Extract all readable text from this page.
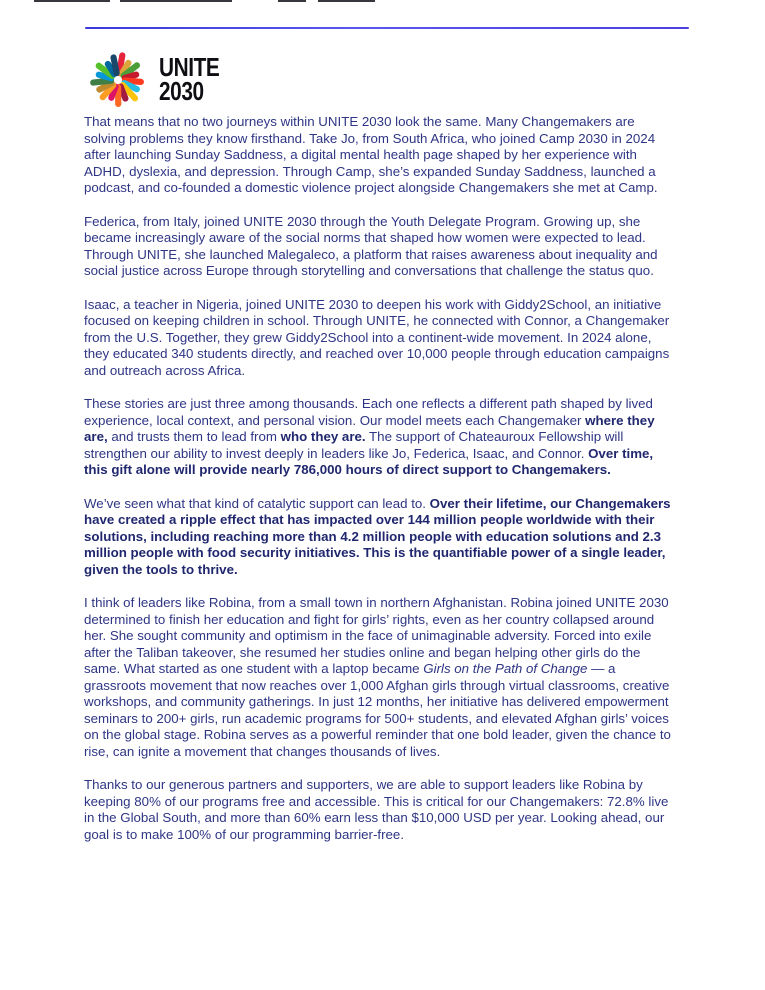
UNITE
2030

That means that no two journeys within UNITE 2030 look the same. Many Changemakers are solving problems they know firsthand. Take Jo, from South Africa, who joined Camp 2030 in 2024 after launching Sunday Saddness, a digital mental health page shaped by her experience with ADHD, dyslexia, and depression. Through Camp, she’s expanded Sunday Saddness, launched a podcast, and co-founded a domestic violence project alongside Changemakers she met at Camp.

Federica, from Italy, joined UNITE 2030 through the Youth Delegate Program. Growing up, she became increasingly aware of the social norms that shaped how women were expected to lead. Through UNITE, she launched Malegaleco, a platform that raises awareness about inequality and social justice across Europe through storytelling and conversations that challenge the status quo.

Isaac, a teacher in Nigeria, joined UNITE 2030 to deepen his work with Giddy2School, an initiative focused on keeping children in school. Through UNITE, he connected with Connor, a Changemaker from the U.S. Together, they grew Giddy2School into a continent-wide movement. In 2024 alone, they educated 340 students directly, and reached over 10,000 people through education campaigns and outreach across Africa.

These stories are just three among thousands. Each one reflects a different path shaped by lived experience, local context, and personal vision. Our model meets each Changemaker where they are, and trusts them to lead from who they are. The support of Chateauroux Fellowship will strengthen our ability to invest deeply in leaders like Jo, Federica, Isaac, and Connor. Over time, this gift alone will provide nearly 786,000 hours of direct support to Changemakers.

We’ve seen what that kind of catalytic support can lead to. Over their lifetime, our Changemakers have created a ripple effect that has impacted over 144 million people worldwide with their solutions, including reaching more than 4.2 million people with education solutions and 2.3 million people with food security initiatives. This is the quantifiable power of a single leader, given the tools to thrive.

I think of leaders like Robina, from a small town in northern Afghanistan. Robina joined UNITE 2030 determined to finish her education and fight for girls’ rights, even as her country collapsed around her. She sought community and optimism in the face of unimaginable adversity. Forced into exile after the Taliban takeover, she resumed her studies online and began helping other girls do the same. What started as one student with a laptop became Girls on the Path of Change — a grassroots movement that now reaches over 1,000 Afghan girls through virtual classrooms, creative workshops, and community gatherings. In just 12 months, her initiative has delivered empowerment seminars to 200+ girls, run academic programs for 500+ students, and elevated Afghan girls’ voices on the global stage. Robina serves as a powerful reminder that one bold leader, given the chance to rise, can ignite a movement that changes thousands of lives.

Thanks to our generous partners and supporters, we are able to support leaders like Robina by keeping 80% of our programs free and accessible. This is critical for our Changemakers: 72.8% live in the Global South, and more than 60% earn less than $10,000 USD per year. Looking ahead, our goal is to make 100% of our programming barrier-free.
